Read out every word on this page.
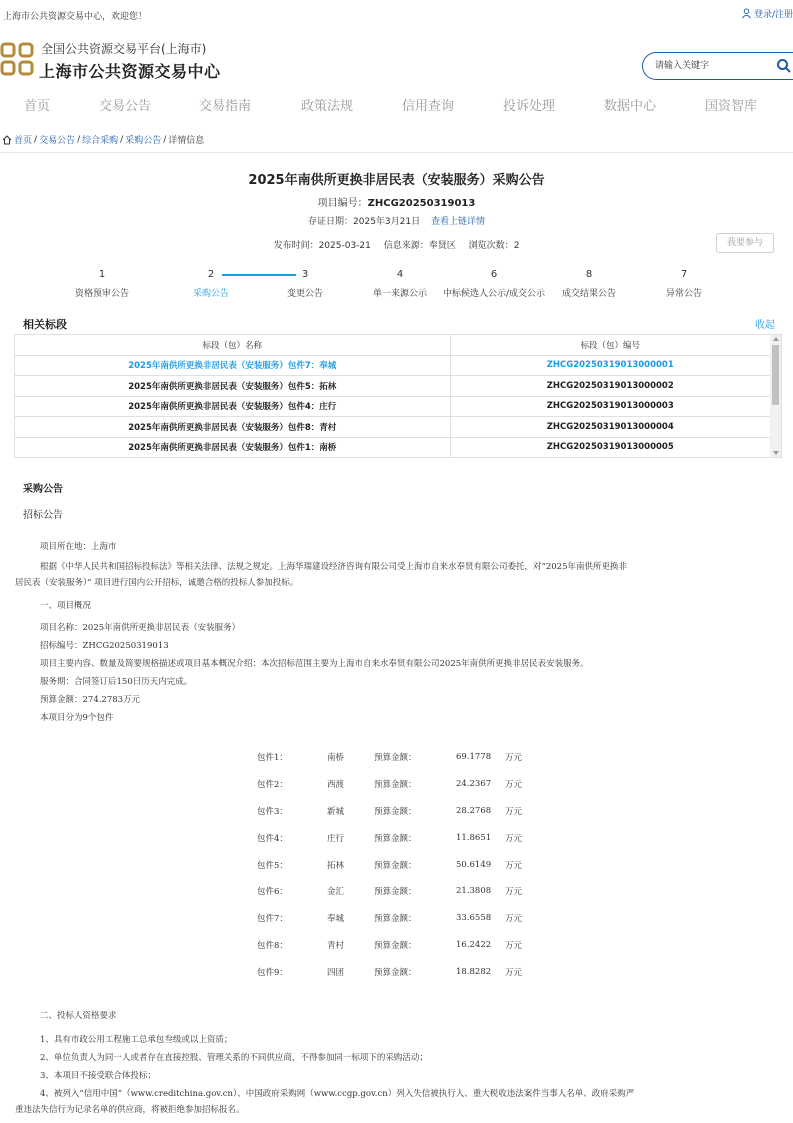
上海市公共资源交易中心，欢迎您！	登录/注册
全国公共资源交易平台(上海市)
上海市公共资源交易中心
请输入关键字
首页	交易公告	交易指南	政策法规	信用查询	投诉处理	数据中心	国资智库
首页 / 交易公告 / 综合采购 / 采购公告 / 详情信息
2025年南供所更换非居民表（安装服务）采购公告
项目编号：ZHCG20250319013
存证日期：2025年3月21日 查看上链详情
发布时间：2025-03-21 信息来源：奉贤区 浏览次数：2	我要参与
1
资格预审公告
2
采购公告
3
变更公告
4
单一来源公示
6
中标候选人公示/成交公示
8
成交结果公告
7
异常公告
相关标段	收起
标段（包）名称	标段（包）编号
2025年南供所更换非居民表（安装服务）包件7：奉城	ZHCG20250319013000001
2025年南供所更换非居民表（安装服务）包件5：拓林	ZHCG20250319013000002
2025年南供所更换非居民表（安装服务）包件4：庄行	ZHCG20250319013000003
2025年南供所更换非居民表（安装服务）包件8：青村	ZHCG20250319013000004
2025年南供所更换非居民表（安装服务）包件1：南桥	ZHCG20250319013000005
采购公告
招标公告
项目所在地：上海市
根据《中华人民共和国招标投标法》等相关法律、法规之规定。上海华瑞建设经济咨询有限公司受上海市自来水奉贤有限公司委托，对“2025年南供所更换非
居民表（安装服务）” 项目进行国内公开招标，诚邀合格的投标人参加投标。
一、项目概况
项目名称：2025年南供所更换非居民表（安装服务）
招标编号：ZHCG20250319013
项目主要内容、数量及简要规格描述或项目基本概况介绍：本次招标范围主要为上海市自来水奉贤有限公司2025年南供所更换非居民表安装服务。
服务期：合同签订后150日历天内完成。
预算金额：274.2783万元
本项目分为9个包件
包件1：	南桥	预算金额：	69.1778	万元
包件2：	西渡	预算金额：	24.2367	万元
包件3：	新城	预算金额：	28.2768	万元
包件4：	庄行	预算金额：	11.8651	万元
包件5：	拓林	预算金额：	50.6149	万元
包件6：	金汇	预算金额：	21.3808	万元
包件7：	奉城	预算金额：	33.6558	万元
包件8：	青村	预算金额：	16.2422	万元
包件9：	四团	预算金额：	18.8282	万元
二、投标人资格要求
1、具有市政公用工程施工总承包叁级或以上资质；
2、单位负责人为同一人或者存在直接控股、管理关系的不同供应商，不得参加同一标项下的采购活动；
3、本项目不接受联合体投标；
4、被列入“信用中国”（www.creditchina.gov.cn）、中国政府采购网（www.ccgp.gov.cn）列入失信被执行人、重大税收违法案件当事人名单、政府采购严
重违法失信行为记录名单的供应商，将被拒绝参加招标报名。
